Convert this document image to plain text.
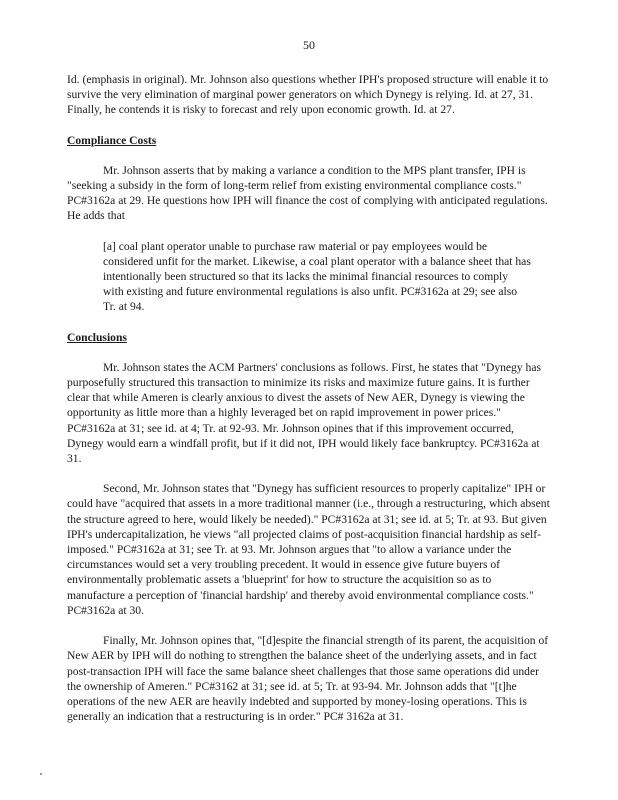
50

Id. (emphasis in original). Mr. Johnson also questions whether IPH's proposed structure will enable it to survive the very elimination of marginal power generators on which Dynegy is relying. Id. at 27, 31. Finally, he contends it is risky to forecast and rely upon economic growth. Id. at 27.

Compliance Costs

Mr. Johnson asserts that by making a variance a condition to the MPS plant transfer, IPH is "seeking a subsidy in the form of long-term relief from existing environmental compliance costs." PC#3162a at 29. He questions how IPH will finance the cost of complying with anticipated regulations. He adds that

[a] coal plant operator unable to purchase raw material or pay employees would be considered unfit for the market. Likewise, a coal plant operator with a balance sheet that has intentionally been structured so that its lacks the minimal financial resources to comply with existing and future environmental regulations is also unfit. PC#3162a at 29; see also Tr. at 94.
Conclusions

Mr. Johnson states the ACM Partners' conclusions as follows. First, he states that "Dynegy has purposefully structured this transaction to minimize its risks and maximize future gains. It is further clear that while Ameren is clearly anxious to divest the assets of New AER, Dynegy is viewing the opportunity as little more than a highly leveraged bet on rapid improvement in power prices." PC#3162a at 31; see id. at 4; Tr. at 92-93. Mr. Johnson opines that if this improvement occurred, Dynegy would earn a windfall profit, but if it did not, IPH would likely face bankruptcy. PC#3162a at 31.

Second, Mr. Johnson states that "Dynegy has sufficient resources to properly capitalize" IPH or could have "acquired that assets in a more traditional manner (i.e., through a restructuring, which absent the structure agreed to here, would likely be needed)." PC#3162a at 31; see id. at 5; Tr. at 93. But given IPH's undercapitalization, he views "all projected claims of post-acquisition financial hardship as self-imposed." PC#3162a at 31; see Tr. at 93. Mr. Johnson argues that "to allow a variance under the circumstances would set a very troubling precedent. It would in essence give future buyers of environmentally problematic assets a 'blueprint' for how to structure the acquisition so as to manufacture a perception of 'financial hardship' and thereby avoid environmental compliance costs." PC#3162a at 30.

Finally, Mr. Johnson opines that, "[d]espite the financial strength of its parent, the acquisition of New AER by IPH will do nothing to strengthen the balance sheet of the underlying assets, and in fact post-transaction IPH will face the same balance sheet challenges that those same operations did under the ownership of Ameren." PC#3162 at 31; see id. at 5; Tr. at 93-94. Mr. Johnson adds that "[t]he operations of the new AER are heavily indebted and supported by money-losing operations. This is generally an indication that a restructuring is in order." PC# 3162a at 31.
